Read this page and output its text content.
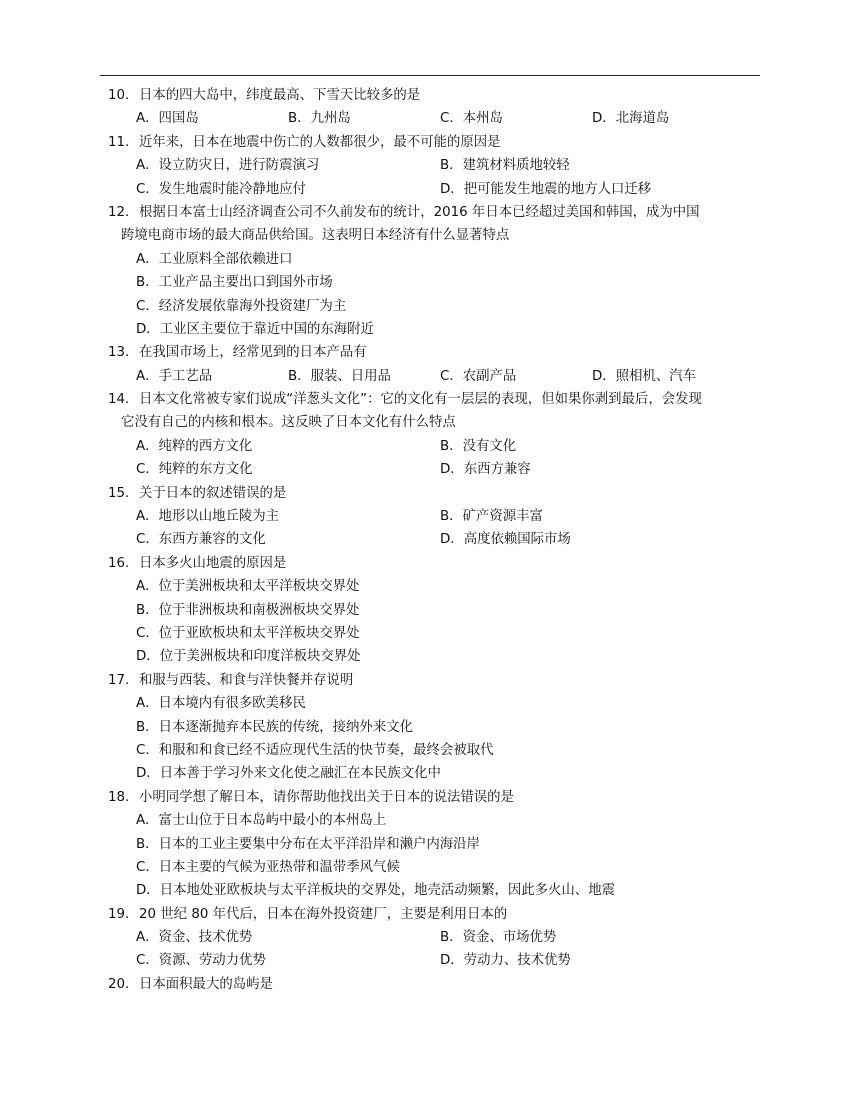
10. 日本的四大岛中，纬度最高、下雪天比较多的是
A．四国岛	B．九州岛	C．本州岛	D．北海道岛
11. 近年来，日本在地震中伤亡的人数都很少，最不可能的原因是
A．设立防灾日，进行防震演习	B．建筑材料质地较轻
C．发生地震时能冷静地应付	D．把可能发生地震的地方人口迁移
12. 根据日本富士山经济调查公司不久前发布的统计，2016 年日本已经超过美国和韩国，成为中国
跨境电商市场的最大商品供给国。这表明日本经济有什么显著特点
A．工业原料全部依赖进口
B．工业产品主要出口到国外市场
C．经济发展依靠海外投资建厂为主
D．工业区主要位于靠近中国的东海附近
13. 在我国市场上，经常见到的日本产品有
A．手工艺品	B．服装、日用品	C．农副产品	D．照相机、汽车
14. 日本文化常被专家们说成“洋葱头文化”：它的文化有一层层的表现，但如果你剥到最后，会发现
它没有自己的内核和根本。这反映了日本文化有什么特点
A．纯粹的西方文化	B．没有文化
C．纯粹的东方文化	D．东西方兼容
15. 关于日本的叙述错误的是
A．地形以山地丘陵为主	B．矿产资源丰富
C．东西方兼容的文化	D．高度依赖国际市场
16. 日本多火山地震的原因是
A．位于美洲板块和太平洋板块交界处
B．位于非洲板块和南极洲板块交界处
C．位于亚欧板块和太平洋板块交界处
D．位于美洲板块和印度洋板块交界处
17. 和服与西装、和食与洋快餐并存说明
A．日本境内有很多欧美移民
B．日本逐渐抛弃本民族的传统，接纳外来文化
C．和服和和食已经不适应现代生活的快节奏，最终会被取代
D．日本善于学习外来文化使之融汇在本民族文化中
18. 小明同学想了解日本，请你帮助他找出关于日本的说法错误的是
A．富士山位于日本岛屿中最小的本州岛上
B．日本的工业主要集中分布在太平洋沿岸和濑户内海沿岸
C．日本主要的气候为亚热带和温带季风气候
D．日本地处亚欧板块与太平洋板块的交界处，地壳活动频繁，因此多火山、地震
19. 20 世纪 80 年代后，日本在海外投资建厂，主要是利用日本的
A．资金、技术优势	B．资金、市场优势
C．资源、劳动力优势	D．劳动力、技术优势
20. 日本面积最大的岛屿是
